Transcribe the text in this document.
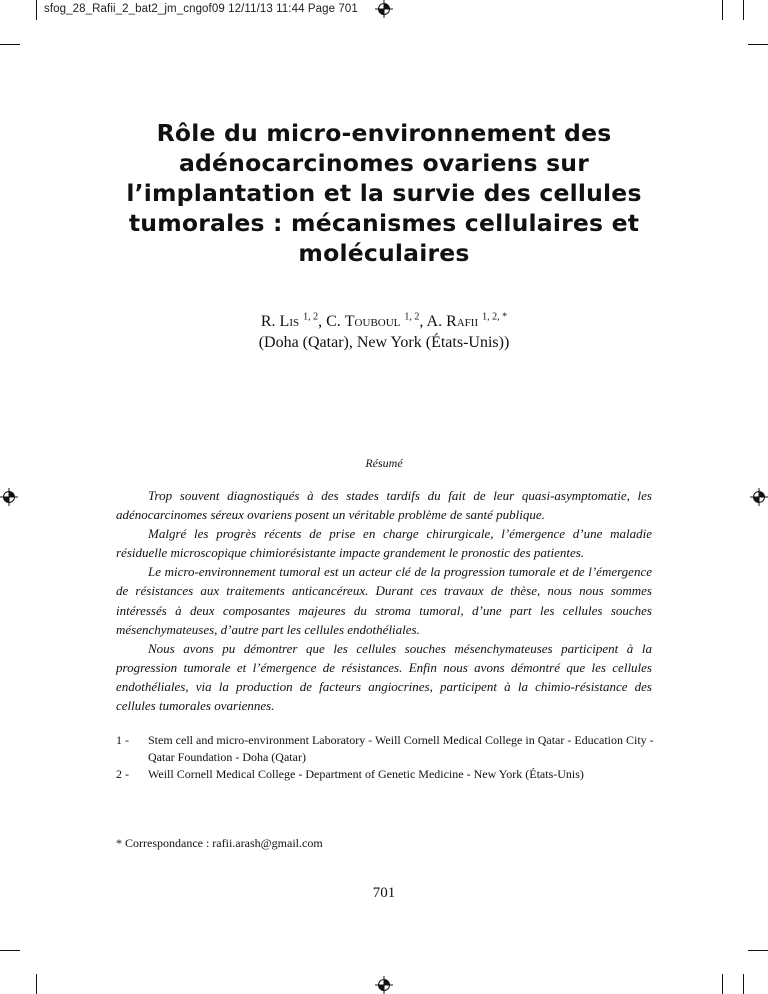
sfog_28_Rafii_2_bat2_jm_cngof09 12/11/13 11:44 Page 701
Rôle du micro-environnement des adénocarcinomes ovariens sur l’implantation et la survie des cellules tumorales : mécanismes cellulaires et moléculaires
R. Lis $^{1, 2}$, C. Touboul $^{1, 2}$, A. Rafii $^{1, 2, *}$
(Doha (Qatar), New York (États-Unis))
Résumé

Trop souvent diagnostiqués à des stades tardifs du fait de leur quasi-asymptomatie, les adénocarcinomes séreux ovariens posent un véritable problème de santé publique.

Malgré les progrès récents de prise en charge chirurgicale, l’émergence d’une maladie résiduelle microscopique chimiorésistante impacte grandement le pronostic des patientes.

Le micro-environnement tumoral est un acteur clé de la progression tumorale et de l’émergence de résistances aux traitements anticancéreux. Durant ces travaux de thèse, nous nous sommes intéressés à deux composantes majeures du stroma tumoral, d’une part les cellules souches mésenchymateuses, d’autre part les cellules endothéliales.

Nous avons pu démontrer que les cellules souches mésenchymateuses participent à la progression tumorale et l’émergence de résistances. Enfin nous avons démontré que les cellules endothéliales, via la production de facteurs angiocrines, participent à la chimio-résistance des cellules tumorales ovariennes.

1 -	Stem cell and micro-environment Laboratory - Weill Cornell Medical College in Qatar - Education City - Qatar Foundation - Doha (Qatar)
2 -	Weill Cornell Medical College - Department of Genetic Medicine - New York (États-Unis)
* Correspondance : rafii.arash@gmail.com
701
